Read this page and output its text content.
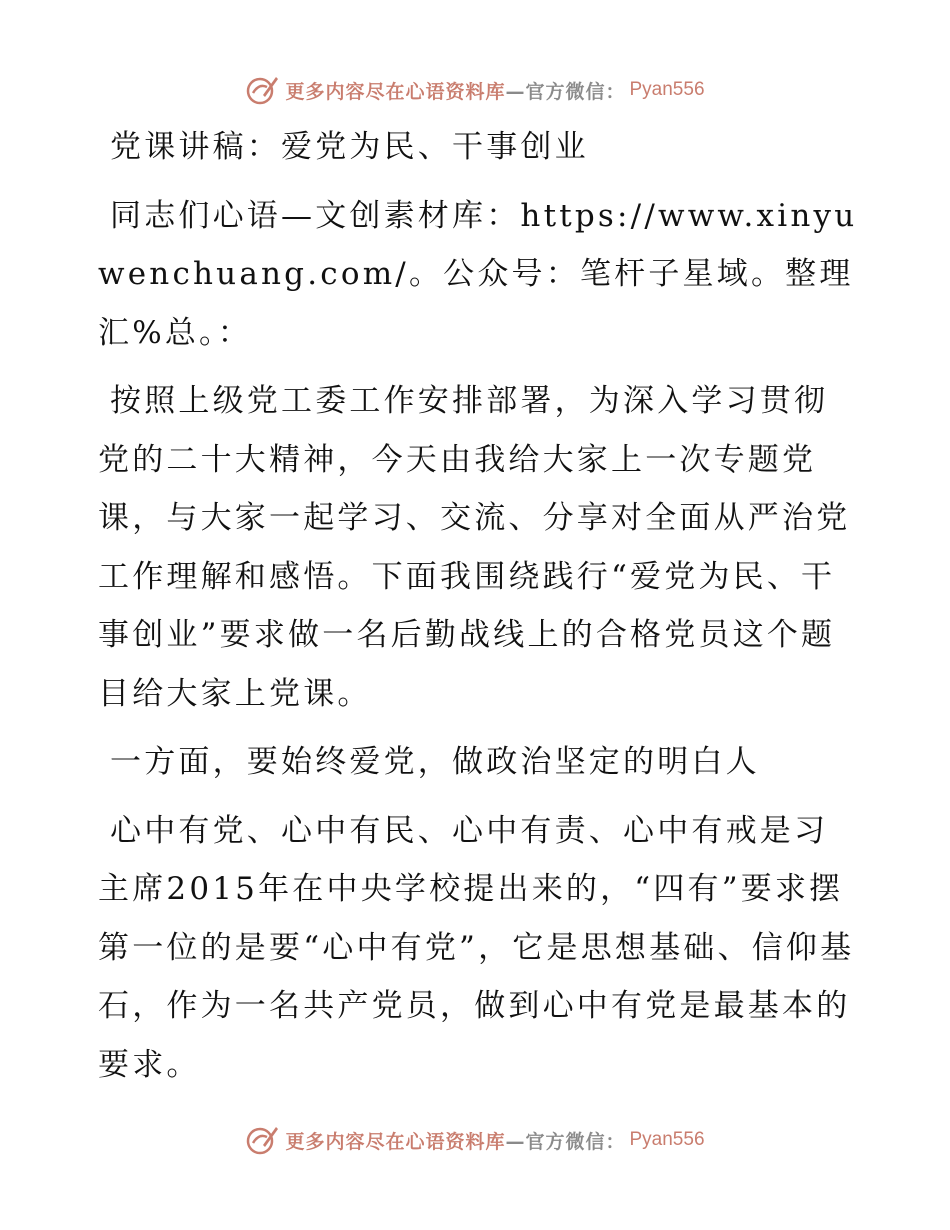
更多内容尽在心语资料库 —官方微信： Pyan556

党课讲稿：爱党为民、干事创业

同志们心语—文创素材库：https://www.xinyuwenchuang.com/。公众号：笔杆子星域。整理汇%总。：

按照上级党工委工作安排部署，为深入学习贯彻党的二十大精神，今天由我给大家上一次专题党课，与大家一起学习、交流、分享对全面从严治党工作理解和感悟。下面我围绕践行“爱党为民、干事创业”要求做一名后勤战线上的合格党员这个题目给大家上党课。

一方面，要始终爱党，做政治坚定的明白人

心中有党、心中有民、心中有责、心中有戒是习主席2015年在中央学校提出来的，“四有”要求摆第一位的是要“心中有党”，它是思想基础、信仰基石，作为一名共产党员，做到心中有党是最基本的要求。

更多内容尽在心语资料库 —官方微信： Pyan556
